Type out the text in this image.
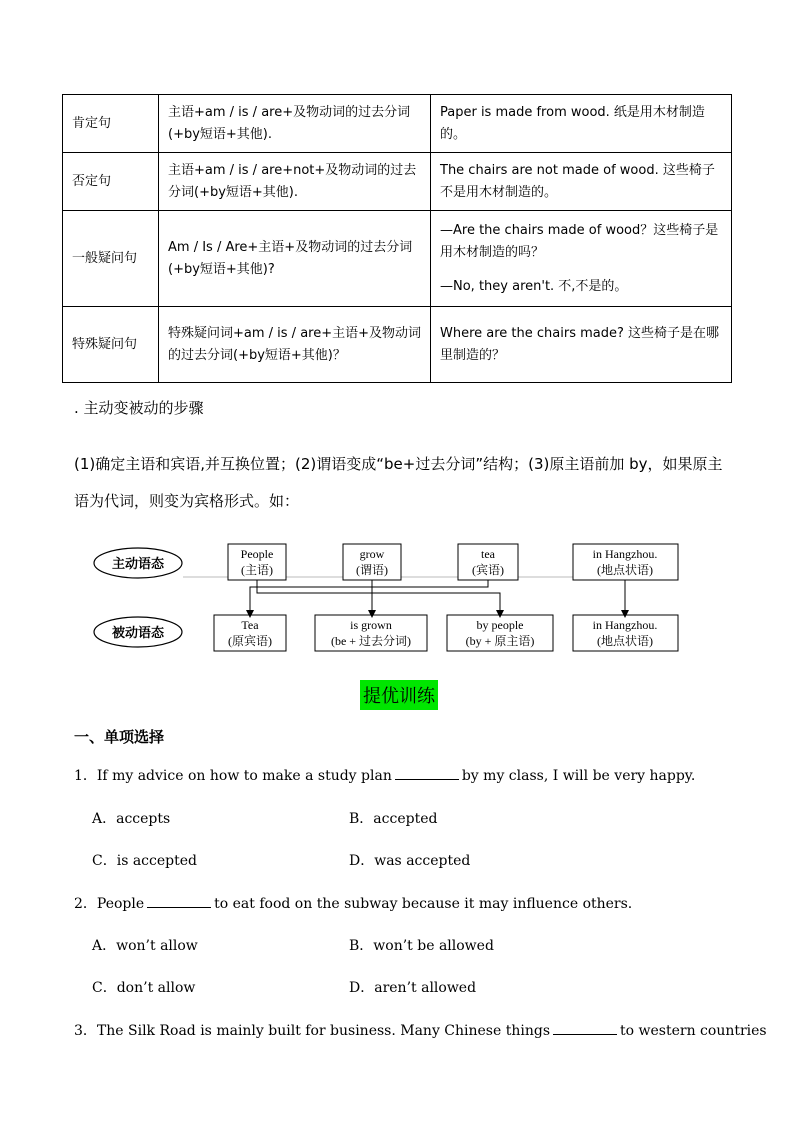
肯定句	主语+am / is / are+及物动词的过去分词(+by短语+其他).	Paper is made from wood. 纸是用木材制造的。

否定句	主语+am / is / are+not+及物动词的过去分词(+by短语+其他).	The chairs are not made of wood. 这些椅子不是用木材制造的。

一般疑问句	Am / Is / Are+主语+及物动词的过去分词(+by短语+其他)?	—Are the chairs made of wood？这些椅子是用木材制造的吗？

—No, they aren't. 不,不是的。

特殊疑问句	特殊疑问词+am / is / are+主语+及物动词的过去分词(+by短语+其他)？	Where are the chairs made? 这些椅子是在哪里制造的？

. 主动变被动的步骤
(1)确定主语和宾语,并互换位置；(2)谓语变成“be+过去分词”结构；(3)原主语前加 by，如果原主语为代词，则变为宾格形式。如：
主动语态
被动语态
People
(主语)
grow
(谓语)
tea
(宾语)
in Hangzhou.
(地点状语)
Tea
(原宾语)
is grown
(be + 过去分词)
by people
(by + 原主语)
in Hangzhou.
(地点状语)
提优训练
一、单项选择
1．If my advice on how to make a study plan	by my class, I will be very happy.
A．accepts	B．accepted
C．is accepted	D．was accepted
2．People	to eat food on the subway because it may influence others.
A．won’t allow	B．won’t be allowed
C．don’t allow	D．aren’t allowed
3．The Silk Road is mainly built for business. Many Chinese things	to western countries
